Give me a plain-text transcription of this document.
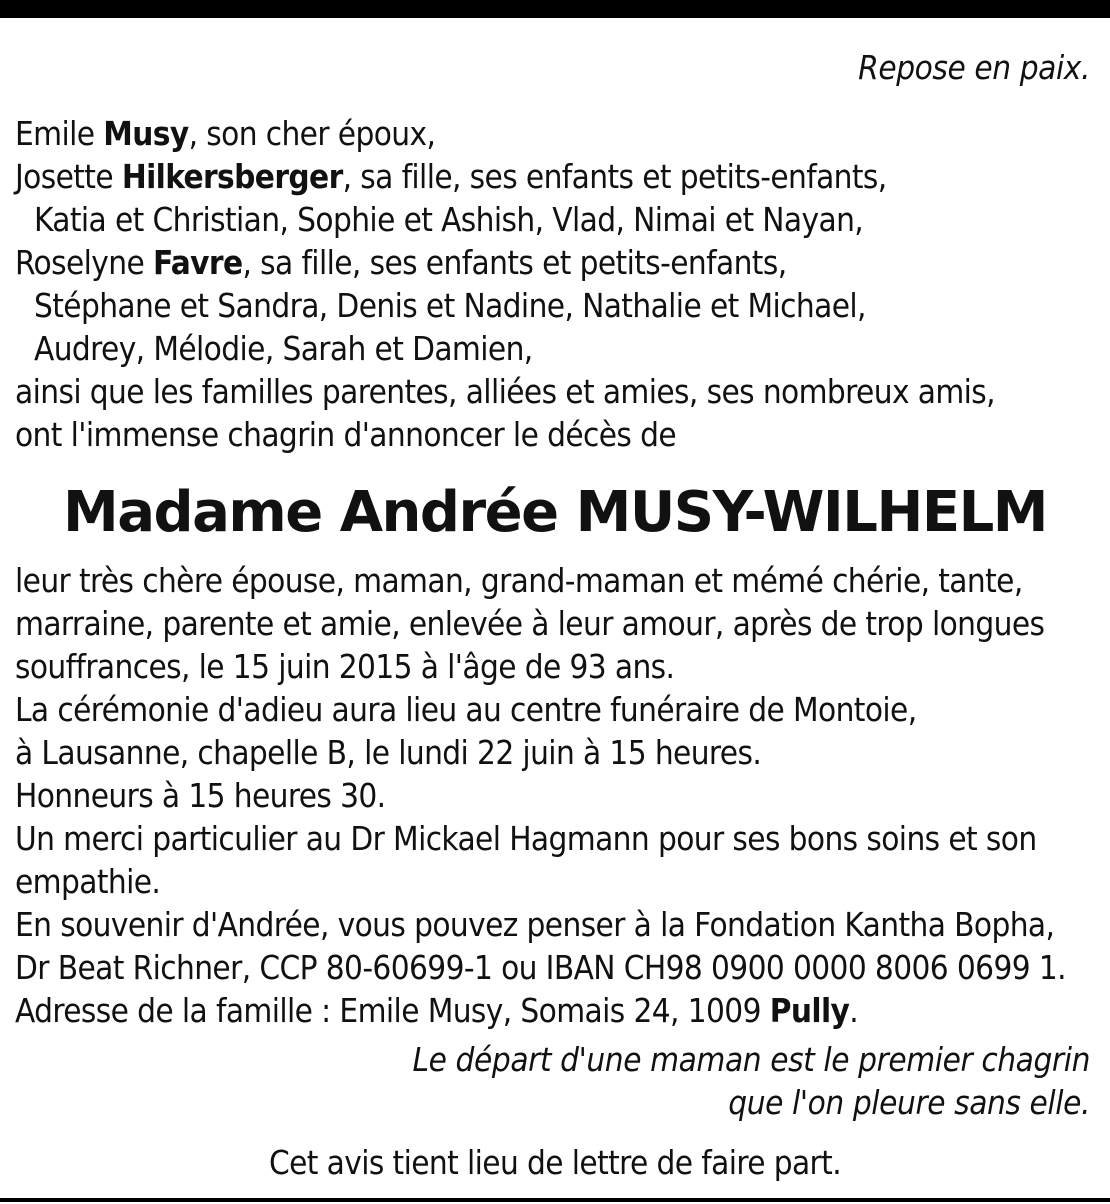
Repose en paix.
Emile Musy, son cher époux,
Josette Hilkersberger, sa fille, ses enfants et petits-enfants,
Katia et Christian, Sophie et Ashish, Vlad, Nimai et Nayan,
Roselyne Favre, sa fille, ses enfants et petits-enfants,
Stéphane et Sandra, Denis et Nadine, Nathalie et Michael,
Audrey, Mélodie, Sarah et Damien,
ainsi que les familles parentes, alliées et amies, ses nombreux amis,
ont l'immense chagrin d'annoncer le décès de
Madame Andrée MUSY-WILHELM
leur très chère épouse, maman, grand-maman et mémé chérie, tante,
marraine, parente et amie, enlevée à leur amour, après de trop longues
souffrances, le 15 juin 2015 à l'âge de 93 ans.
La cérémonie d'adieu aura lieu au centre funéraire de Montoie,
à Lausanne, chapelle B, le lundi 22 juin à 15 heures.
Honneurs à 15 heures 30.
Un merci particulier au Dr Mickael Hagmann pour ses bons soins et son
empathie.
En souvenir d'Andrée, vous pouvez penser à la Fondation Kantha Bopha,
Dr Beat Richner, CCP 80-60699-1 ou IBAN CH98 0900 0000 8006 0699 1.
Adresse de la famille : Emile Musy, Somais 24, 1009 Pully.
Le départ d'une maman est le premier chagrin
que l'on pleure sans elle.
Cet avis tient lieu de lettre de faire part.
